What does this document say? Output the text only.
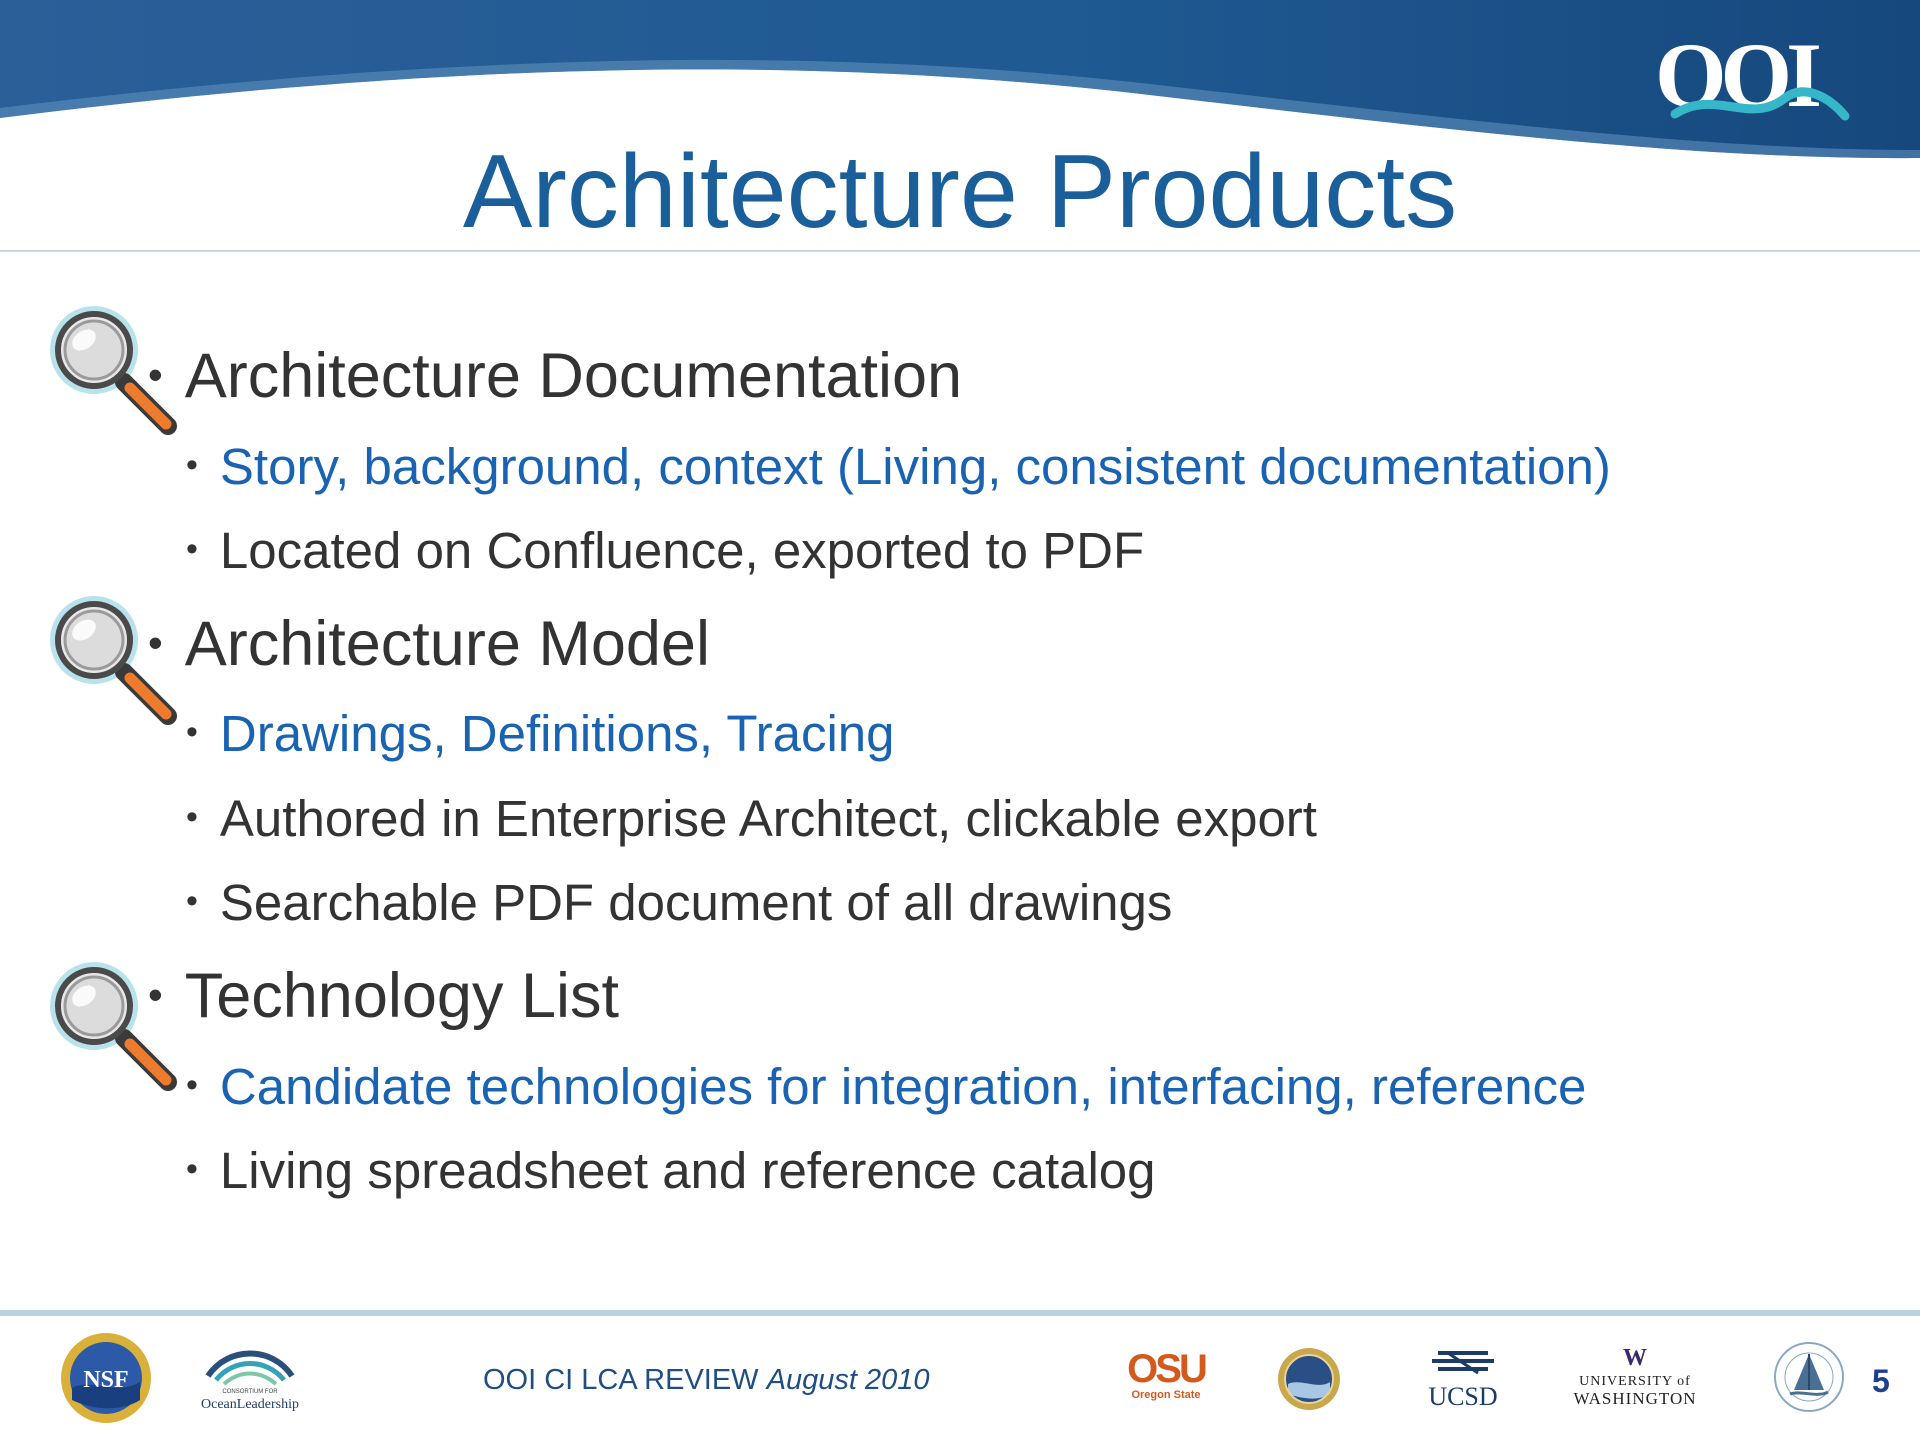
OOI
Architecture Products
• Architecture Documentation
• Story, background, context (Living, consistent documentation)
• Located on Confluence, exported to PDF
• Architecture Model
• Drawings, Definitions, Tracing
• Authored in Enterprise Architect, clickable export
• Searchable PDF document of all drawings
• Technology List
• Candidate technologies for integration, interfacing, reference
• Living spreadsheet and reference catalog
NSF	CONSORTIUM FOR
OceanLeadership
OOI CI LCA REVIEW August 2010	OSU
Oregon State	UCSD
W
UNIVERSITY of
WASHINGTON	5
